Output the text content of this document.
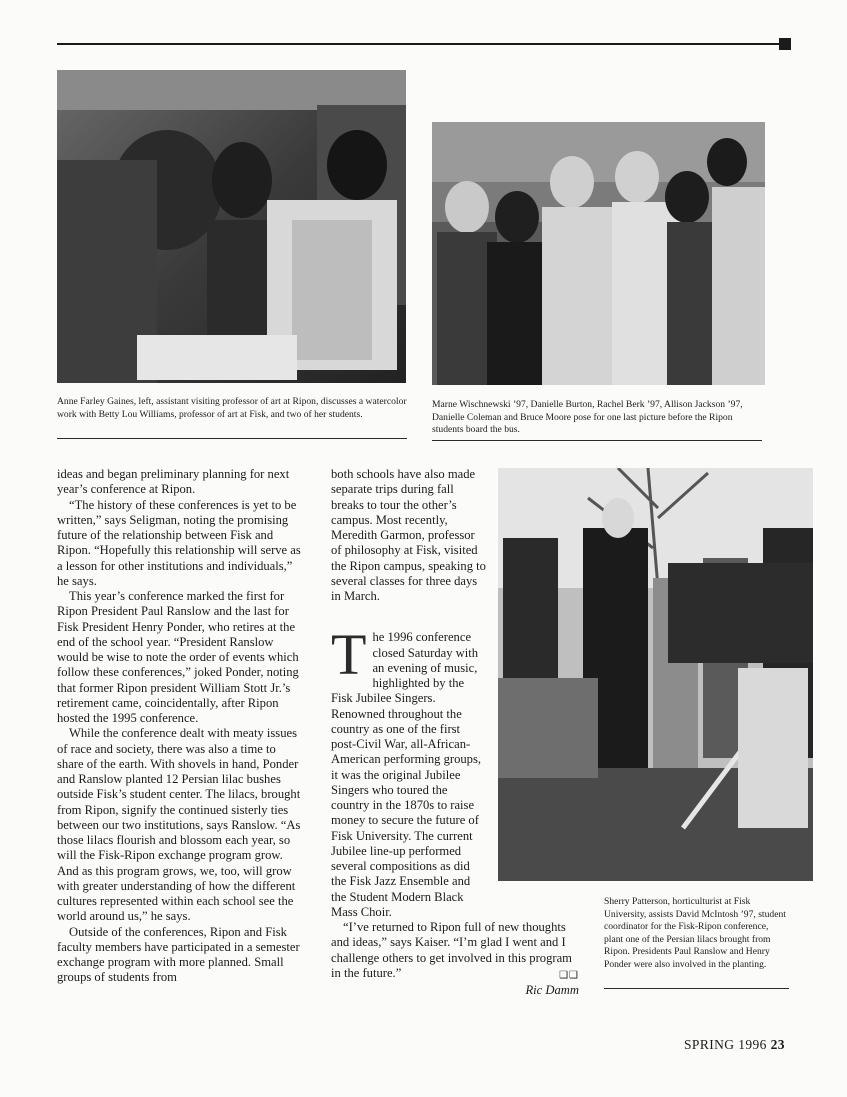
Anne Farley Gaines, left, assistant visiting professor of art at Ripon, discusses a watercolor work with Betty Lou Williams, professor of art at Fisk, and two of her students.
Marne Wischnewski ’97, Danielle Burton, Rachel Berk ’97, Allison Jackson ’97, Danielle Coleman and Bruce Moore pose for one last picture before the Ripon students board the bus.
Sherry Patterson, horticulturist at Fisk University, assists David McIntosh ’97, student coordinator for the Fisk-Ripon conference, plant one of the Persian lilacs brought from Ripon. Presidents Paul Ranslow and Henry Ponder were also involved in the planting.

ideas and began preliminary planning for next year’s conference at Ripon.

“The history of these conferences is yet to be written,” says Seligman, noting the promising future of the relationship between Fisk and Ripon. “Hopefully this relationship will serve as a lesson for other institutions and individuals,” he says.

This year’s conference marked the first for Ripon President Paul Ranslow and the last for Fisk President Henry Ponder, who retires at the end of the school year. “President Ranslow would be wise to note the order of events which follow these conferences,” joked Ponder, noting that former Ripon president William Stott Jr.’s retirement came, coincidentally, after Ripon hosted the 1995 conference.

While the conference dealt with meaty issues of race and society, there was also a time to share of the earth. With shovels in hand, Ponder and Ranslow planted 12 Persian lilac bushes outside Fisk’s student center. The lilacs, brought from Ripon, signify the continued sisterly ties between our two institutions, says Ranslow. “As those lilacs flourish and blossom each year, so will the Fisk-Ripon exchange program grow. And as this program grows, we, too, will grow with greater understanding of how the different cultures represented within each school see the world around us,” he says.

Outside of the conferences, Ripon and Fisk faculty members have participated in a semester exchange program with more planned. Small groups of students from

both schools have also made separate trips during fall breaks to tour the other’s campus. Most recently, Meredith Garmon, professor of philosophy at Fisk, visited the Ripon campus, speaking to several classes for three days in March.

T he 1996 conference closed Saturday with an evening of music, highlighted by the Fisk Jubilee Singers. Renowned throughout the country as one of the first post-Civil War, all-African-American performing groups, it was the original Jubilee Singers who toured the country in the 1870s to raise money to secure the future of Fisk University. The current Jubilee line-up performed several compositions as did the Fisk Jazz Ensemble and the Student Modern Black Mass Choir.

“I’ve returned to Ripon full of new thoughts and ideas,” says Kaiser. “I’m glad I went and I challenge others to get involved in this program in the future.”	❑❑

Ric Damm
SPRING 1996 23
